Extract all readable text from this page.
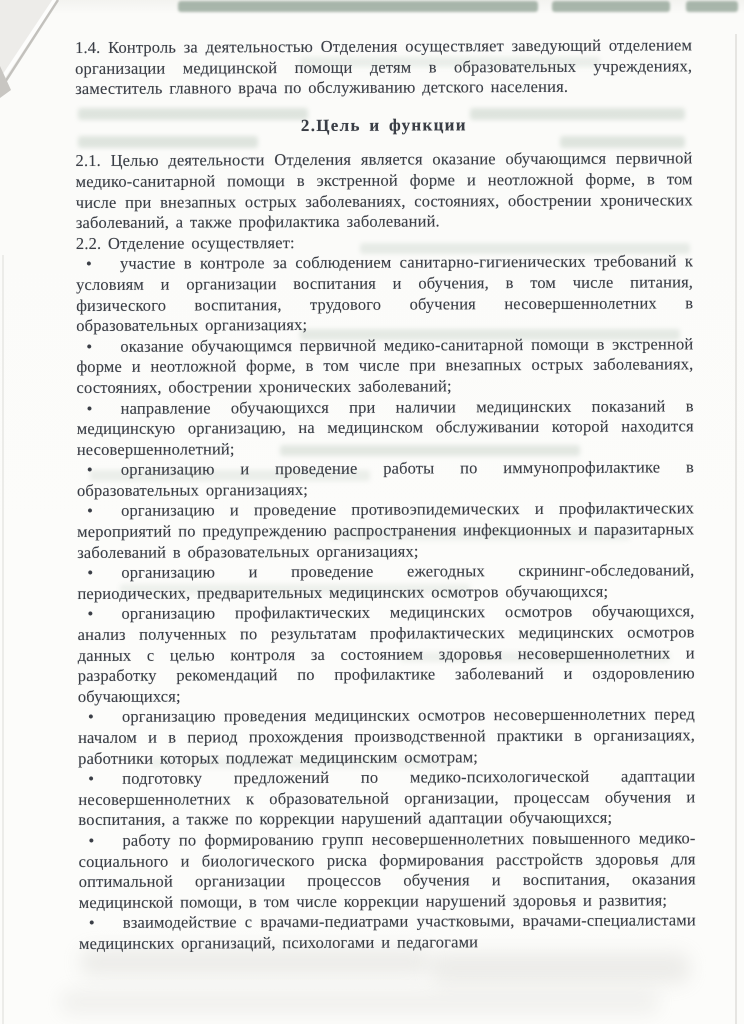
1.4. Контроль за деятельностью Отделения осуществляет заведующий отделением организации медицинской помощи детям в образовательных учреждениях, заместитель главного врача по обслуживанию детского населения.

2.Цель и функции

2.1. Целью деятельности Отделения является оказание обучающимся первичной медико-санитарной помощи в экстренной форме и неотложной форме, в том числе при внезапных острых заболеваниях, состояниях, обострении хронических заболеваний, а также профилактика заболеваний.

2.2. Отделение осуществляет:

• участие в контроле за соблюдением санитарно-гигиенических требований к условиям и организации воспитания и обучения, в том числе питания, физического воспитания, трудового обучения несовершеннолетних в образовательных организациях;

• оказание обучающимся первичной медико-санитарной помощи в экстренной форме и неотложной форме, в том числе при внезапных острых заболеваниях, состояниях, обострении хронических заболеваний;

• направление обучающихся при наличии медицинских показаний в медицинскую организацию, на медицинском обслуживании которой находится несовершеннолетний;

• организацию и проведение работы по иммунопрофилактике в образовательных организациях;

• организацию и проведение противоэпидемических и профилактических мероприятий по предупреждению распространения инфекционных и паразитарных заболеваний в образовательных организациях;

• организацию и проведение ежегодных скрининг-обследований, периодических, предварительных медицинских осмотров обучающихся;

• организацию профилактических медицинских осмотров обучающихся, анализ полученных по результатам профилактических медицинских осмотров данных с целью контроля за состоянием здоровья несовершеннолетних и разработку рекомендаций по профилактике заболеваний и оздоровлению обучающихся;

• организацию проведения медицинских осмотров несовершеннолетних перед началом и в период прохождения производственной практики в организациях, работники которых подлежат медицинским осмотрам;

• подготовку предложений по медико-психологической адаптации несовершеннолетних к образовательной организации, процессам обучения и воспитания, а также по коррекции нарушений адаптации обучающихся;

• работу по формированию групп несовершеннолетних повышенного медико-социального и биологического риска формирования расстройств здоровья для оптимальной организации процессов обучения и воспитания, оказания медицинской помощи, в том числе коррекции нарушений здоровья и развития;

• взаимодействие с врачами-педиатрами участковыми, врачами-специалистами медицинских организаций, психологами и педагогами
